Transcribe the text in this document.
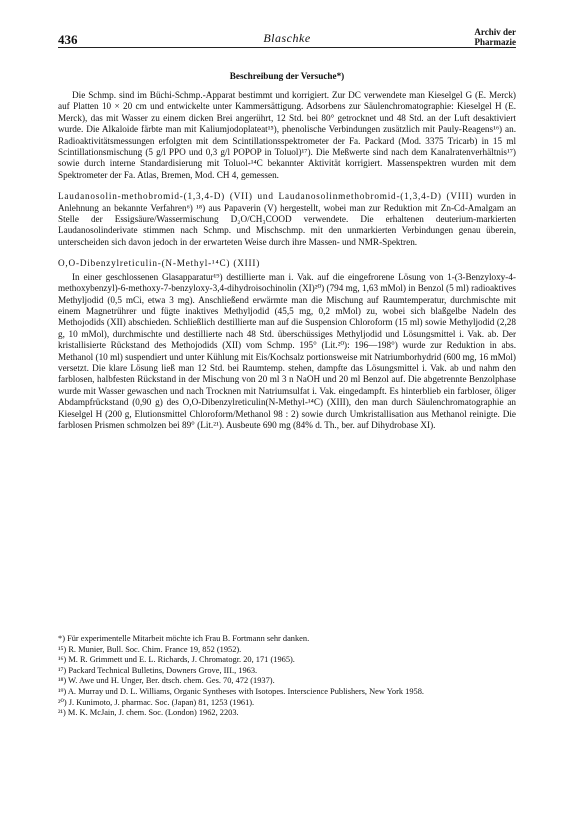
436	Blaschke	Archiv der
Pharmazie
Beschreibung der Versuche*)

Die Schmp. sind im Büchi-Schmp.-Apparat bestimmt und korrigiert. Zur DC verwendete man Kieselgel G (E. Merck) auf Platten 10 × 20 cm und entwickelte unter Kammersättigung. Adsorbens zur Säulenchromatographie: Kieselgel H (E. Merck), das mit Wasser zu einem dicken Brei angerührt, 12 Std. bei 80° getrocknet und 48 Std. an der Luft desaktiviert wurde. Die Alkaloide färbte man mit Kaliumjodoplatеat¹⁵), phenolische Verbindungen zusätzlich mit Pauly-Reagens¹⁶) an. Radioaktivitätsmessungen erfolgten mit dem Scintillationsspektrometer der Fa. Packard (Mod. 3375 Tricarb) in 15 ml Scintillationsmischung (5 g/l PPO und 0,3 g/l POPOP in Toluol)¹⁷). Die Meßwerte sind nach dem Kanalratenverhältnis¹⁷) sowie durch interne Standardisierung mit Toluol-¹⁴C bekannter Aktivität korrigiert. Massenspektren wurden mit dem Spektrometer der Fa. Atlas, Bremen, Mod. CH 4, gemessen.

Laudanosolin-methobromid-(1,3,4-D) (VII) und Laudanosolinmethobromid-(1,3,4-D) (VIII) wurden in Anlehnung an bekannte Verfahren⁶) ¹⁸) aus Papaverin (V) hergestellt, wobei man zur Reduktion mit Zn-Cd-Amalgam an Stelle der Essigsäure/Wassermischung D₂O/CH₃COOD verwendete. Die erhaltenen deuterium-markierten Laudanosolinderivate stimmen nach Schmp. und Mischschmp. mit den unmarkierten Verbindungen genau überein, unterscheiden sich davon jedoch in der erwarteten Weise durch ihre Massen- und NMR-Spektren.

O,O-Dibenzylreticulin-(N-Methyl-¹⁴C) (XIII)

In einer geschlossenen Glasapparatur¹⁹) destillierte man i. Vak. auf die eingefrorene Lösung von 1-(3-Benzyloxy-4-methoxybenzyl)-6-methoxy-7-benzyloxy-3,4-dihydroisochinolin (XI)²⁰) (794 mg, 1,63 mMol) in Benzol (5 ml) radioaktives Methyljodid (0,5 mCi, etwa 3 mg). Anschließend erwärmte man die Mischung auf Raumtemperatur, durchmischte mit einem Magnetrührer und fügte inaktives Methyljodid (45,5 mg, 0,2 mMol) zu, wobei sich blaßgelbe Nadeln des Methojodids (XII) abschieden. Schließlich destillierte man auf die Suspension Chloroform (15 ml) sowie Methyljodid (2,28 g, 10 mMol), durchmischte und destillierte nach 48 Std. überschüssiges Methyljodid und Lösungsmittel i. Vak. ab. Der kristallisierte Rückstand des Methojodids (XII) vom Schmp. 195° (Lit.²⁰): 196—198°) wurde zur Reduktion in abs. Methanol (10 ml) suspendiert und unter Kühlung mit Eis/Kochsalz portionsweise mit Natriumborhydrid (600 mg, 16 mMol) versetzt. Die klare Lösung ließ man 12 Std. bei Raumtemp. stehen, dampfte das Lösungsmittel i. Vak. ab und nahm den farblosen, halbfesten Rückstand in der Mischung von 20 ml 3 n NaOH und 20 ml Benzol auf. Die abgetrennte Benzolphase wurde mit Wasser gewaschen und nach Trocknen mit Natriumsulfat i. Vak. eingedampft. Es hinterblieb ein farbloser, öliger Abdampfrückstand (0,90 g) des O,O-Dibenzylreticulin(N-Methyl-¹⁴C) (XIII), den man durch Säulenchromatographie an Kieselgel H (200 g, Elutionsmittel Chloroform/Methanol 98 : 2) sowie durch Umkristallisation aus Methanol reinigte. Die farblosen Prismen schmolzen bei 89° (Lit.²¹). Ausbeute 690 mg (84% d. Th., ber. auf Dihydrobase XI).

*) Für experimentelle Mitarbeit möchte ich Frau B. Fortmann sehr danken.
¹⁵) R. Munier, Bull. Soc. Chim. France 19, 852 (1952).
¹⁶) M. R. Grimmett und E. L. Richards, J. Chromatogr. 20, 171 (1965).
¹⁷) Packard Technical Bulletins, Downers Grove, III., 1963.
¹⁸) W. Awe und H. Unger, Ber. dtsch. chem. Ges. 70, 472 (1937).
¹⁹) A. Murray und D. L. Williams, Organic Syntheses with Isotopes. Interscience Publishers, New York 1958.
²⁰) J. Kunimoto, J. pharmac. Soc. (Japan) 81, 1253 (1961).
²¹) M. K. McJain, J. chem. Soc. (London) 1962, 2203.
